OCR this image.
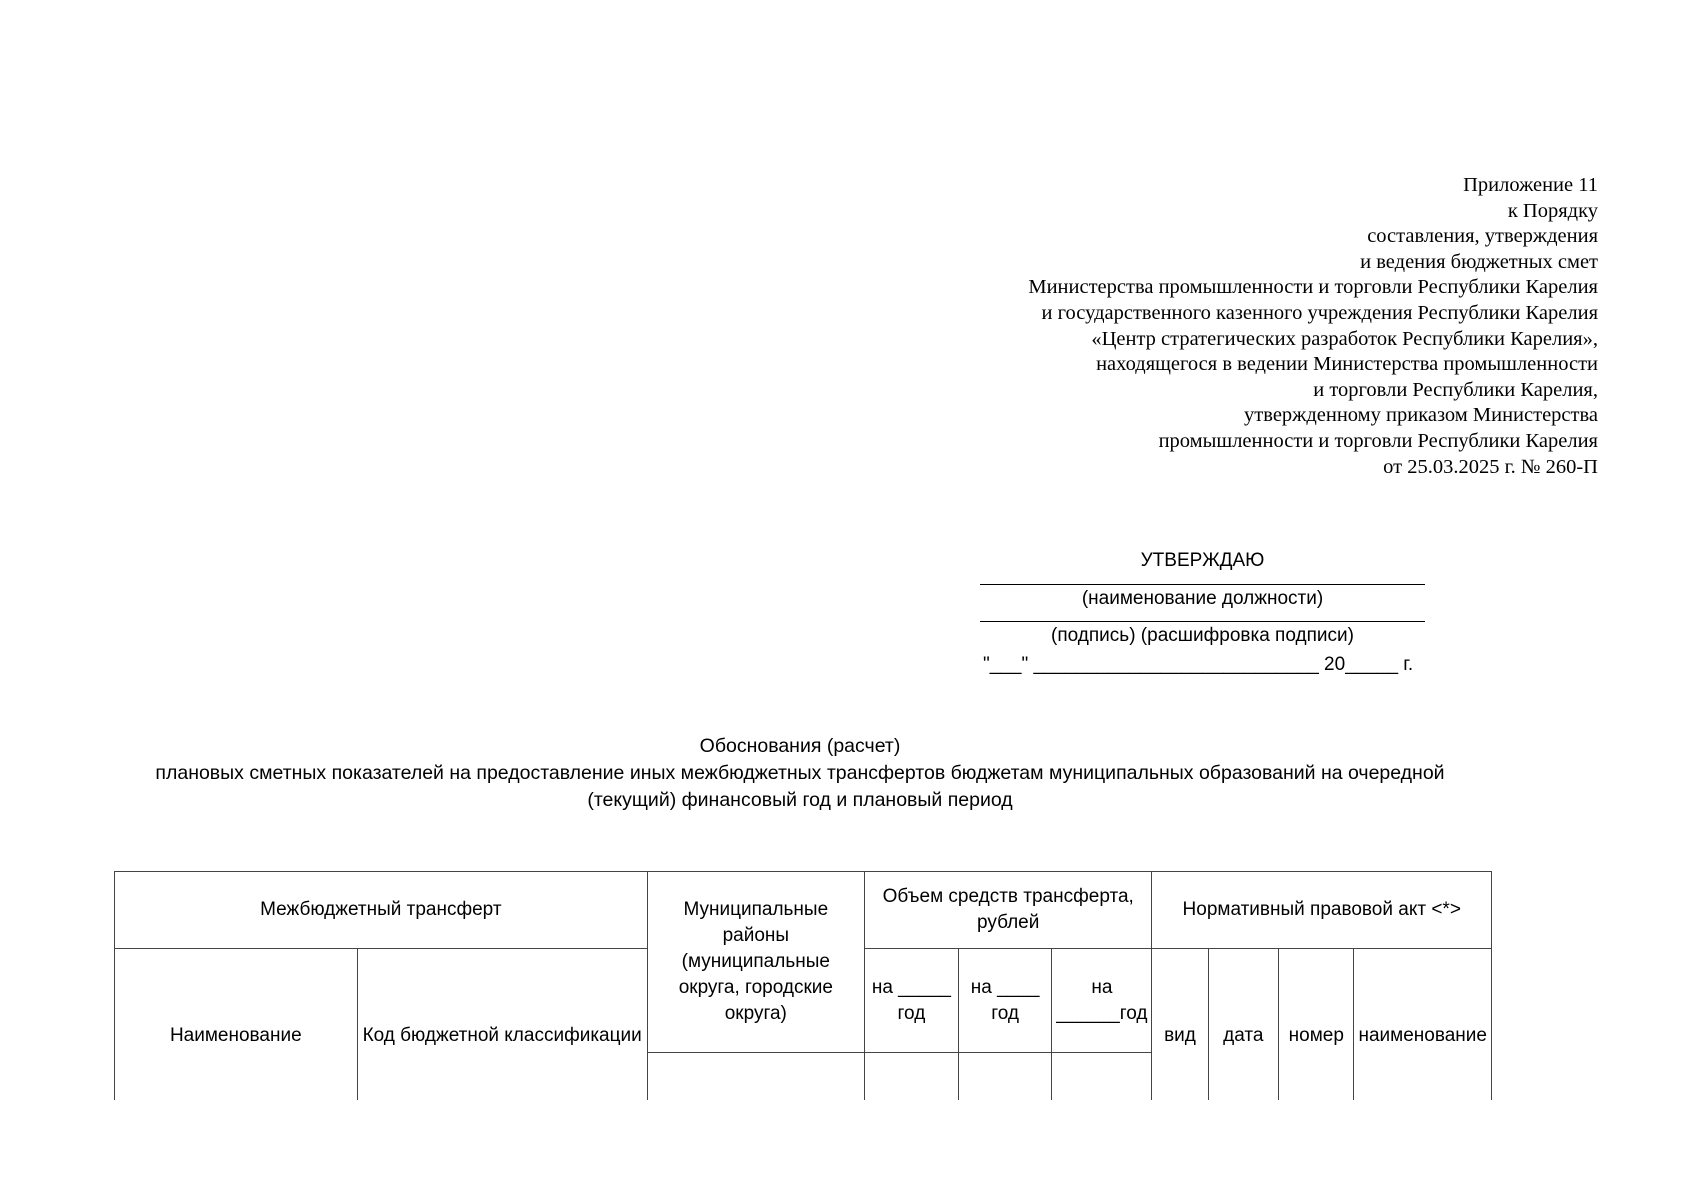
Приложение 11
к Порядку
составления, утверждения
и ведения бюджетных смет
Министерства промышленности и торговли Республики Карелия
и государственного казенного учреждения Республики Карелия
«Центр стратегических разработок Республики Карелия»,
находящегося в ведении Министерства промышленности
и торговли Республики Карелия,
утвержденному приказом Министерства
промышленности и торговли Республики Карелия
от 25.03.2025 г. № 260-П
УТВЕРЖДАЮ
(наименование должности)
(подпись) (расшифровка подписи)
"___" ___________________________ 20_____ г.
Обоснования (расчет)
плановых сметных показателей на предоставление иных межбюджетных трансфертов бюджетам муниципальных образований на очередной (текущий) финансовый год и плановый период
Межбюджетный трансферт		Муниципальные районы (муниципальные округа, городские округа)	Объем средств трансферта, рублей			Нормативный правовой акт <*>			
Наименование	Код бюджетной классификации		на _____ год	на ____ год	на ______год	вид	дата	номер	наименование
